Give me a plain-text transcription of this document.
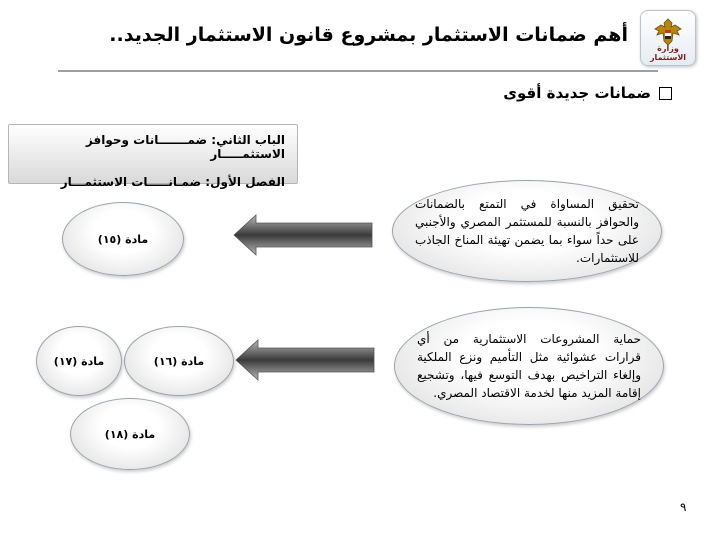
وزارة الاستثمار
أهم ضمانات الاستثمار بمشروع قانون الاستثمار الجديد..
ضمانات جديدة أقوى
الباب الثاني: ضمـــــــانات وحوافز الاستثمـــــار
الفصل الأول: ضمـانـــــات الاستثمـــار
تحقيق المساواة في التمتع بالضمانات والحوافز بالنسبة للمستثمر المصري والأجنبي على حداً سواء بما يضمن تهيئة المناخ الجاذب للاستثمارات.
مادة (١٥)
حماية المشروعات الاستثمارية من أي قرارات عشوائية مثل التأميم ونزع الملكية وإلغاء التراخيص بهدف التوسع فيها، وتشجيع إقامة المزيد منها لخدمة الاقتصاد المصري.
مادة (١٦)
مادة (١٧)
مادة (١٨)
٩
